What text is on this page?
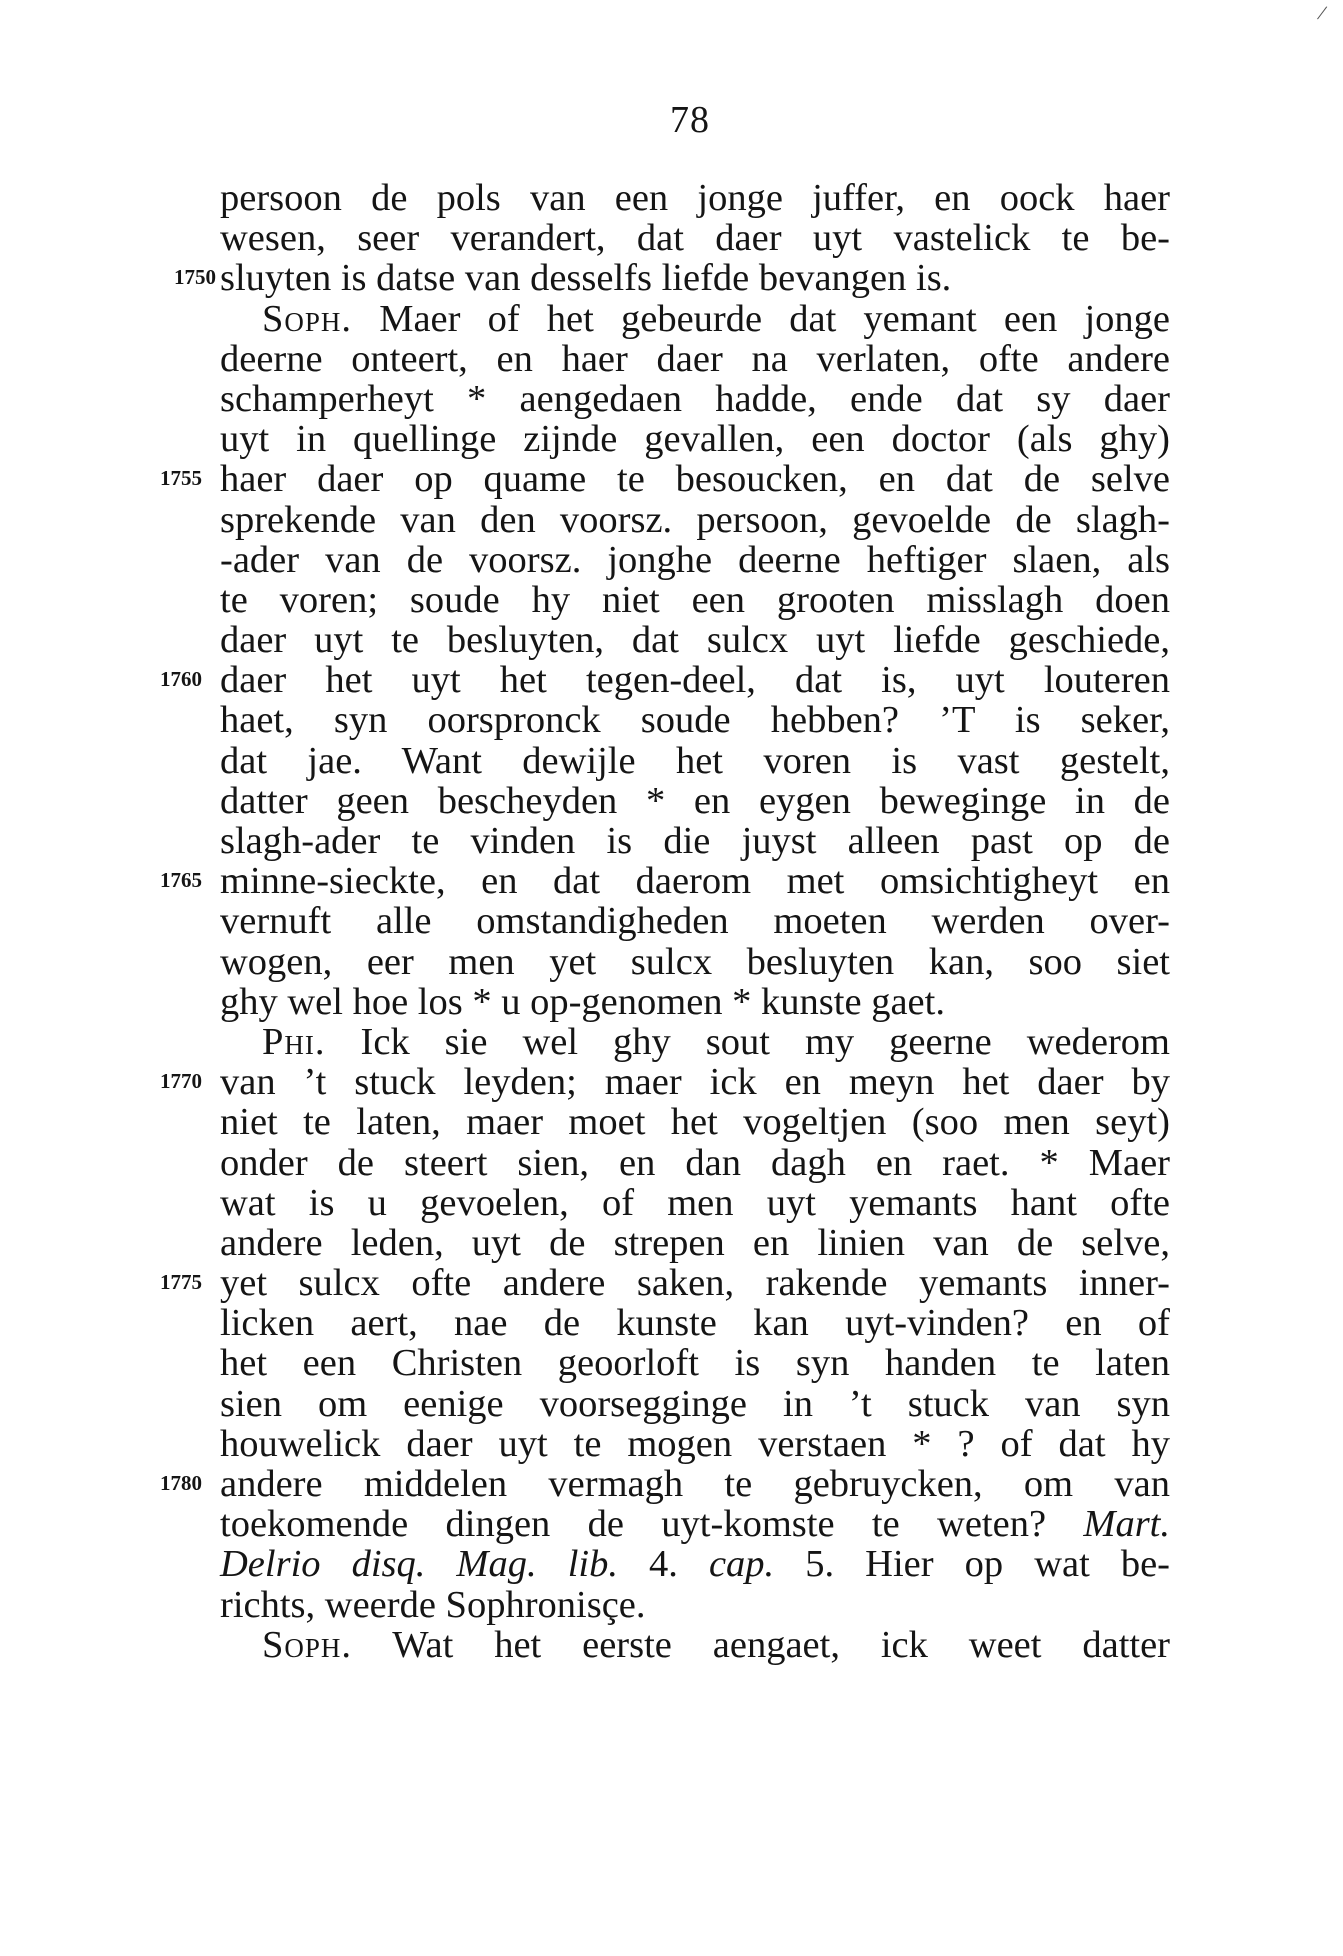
/
78
persoon de pols van een jonge juffer, en oock haer
wesen, seer verandert, dat daer uyt vastelick te be-
1750 sluyten is datse van desselfs liefde bevangen is.
Soph. Maer of het gebeurde dat yemant een jonge
deerne onteert, en haer daer na verlaten, ofte andere
schamperheyt * aengedaen hadde, ende dat sy daer
uyt in quellinge zijnde gevallen, een doctor (als ghy)
1755 haer daer op quame te besoucken, en dat de selve
sprekende van den voorsz. persoon, gevoelde de slagh-
-ader van de voorsz. jonghe deerne heftiger slaen, als
te voren; soude hy niet een grooten misslagh doen
daer uyt te besluyten, dat sulcx uyt liefde geschiede,
1760 daer het uyt het tegen-deel, dat is, uyt louteren
haet, syn oorspronck soude hebben? ’T is seker,
dat jae. Want dewijle het voren is vast gestelt,
datter geen bescheyden * en eygen beweginge in de
slagh-ader te vinden is die juyst alleen past op de
1765 minne-sieckte, en dat daerom met omsichtigheyt en
vernuft alle omstandigheden moeten werden over-
wogen, eer men yet sulcx besluyten kan, soo siet
ghy wel hoe los * u op-genomen * kunste gaet.
Phi. Ick sie wel ghy sout my geerne wederom
1770 van ’t stuck leyden; maer ick en meyn het daer by
niet te laten, maer moet het vogeltjen (soo men seyt)
onder de steert sien, en dan dagh en raet. * Maer
wat is u gevoelen, of men uyt yemants hant ofte
andere leden, uyt de strepen en linien van de selve,
1775 yet sulcx ofte andere saken, rakende yemants inner-
licken aert, nae de kunste kan uyt-vinden? en of
het een Christen geoorloft is syn handen te laten
sien om eenige voorsegginge in ’t stuck van syn
houwelick daer uyt te mogen verstaen * ? of dat hy
1780 andere middelen vermagh te gebruycken, om van
toekomende dingen de uyt-komste te weten? Mart.
Delrio disq. Mag. lib. 4. cap. 5. Hier op wat be-
richts, weerde Sophronisçe.
Soph. Wat het eerste aengaet, ick weet datter
